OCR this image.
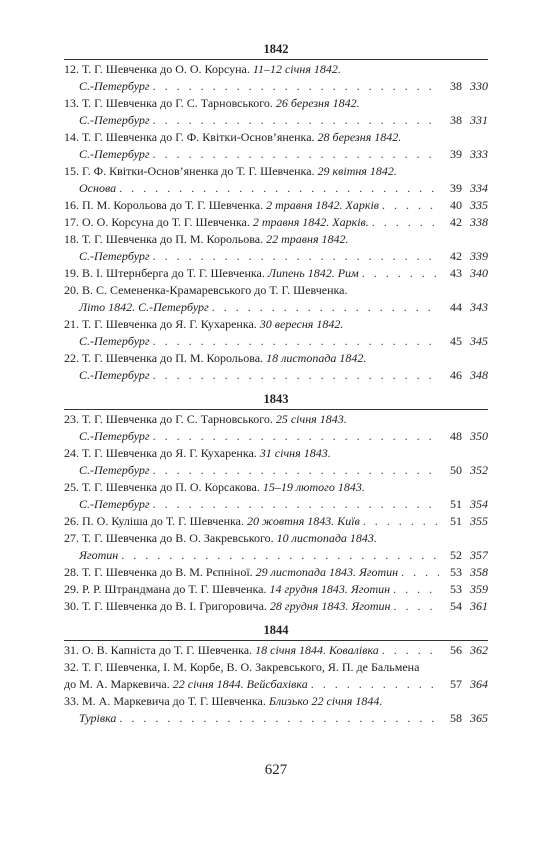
1842
12. Т. Г. Шевченка до О. О. Корсуна. 11–12 січня 1842.
С.-Петербург . . .	38 330
13. Т. Г. Шевченка до Г. С. Тарновського. 26 березня 1842.
С.-Петербург . . .	38 331
14. Т. Г. Шевченка до Г. Ф. Квітки-Основ’яненка. 28 березня 1842.
С.-Петербург . . .	39 333
15. Г. Ф. Квітки-Основ’яненка до Т. Г. Шевченка. 29 квітня 1842.
Основа . . .	39 334
16. П. М. Корольова до Т. Г. Шевченка. 2 травня 1842. Харків . . .	40 335
17. О. О. Корсуна до Т. Г. Шевченка. 2 травня 1842. Харків. . . .	42 338
18. Т. Г. Шевченка до П. М. Корольова. 22 травня 1842.
С.-Петербург . . .	42 339
19. В. І. Штернберга до Т. Г. Шевченка. Липень 1842. Рим . . .	43 340
20. В. С. Семененка-Крамаревського до Т. Г. Шевченка.
Літо 1842. С.-Петербург . . .	44 343
21. Т. Г. Шевченка до Я. Г. Кухаренка. 30 вересня 1842.
С.-Петербург . . .	45 345
22. Т. Г. Шевченка до П. М. Корольова. 18 листопада 1842.
С.-Петербург . . .	46 348
1843
23. Т. Г. Шевченка до Г. С. Тарновського. 25 січня 1843.
С.-Петербург . . .	48 350
24. Т. Г. Шевченка до Я. Г. Кухаренка. 31 січня 1843.
С.-Петербург . . .	50 352
25. Т. Г. Шевченка до П. О. Корсакова. 15–19 лютого 1843.
С.-Петербург . . .	51 354
26. П. О. Куліша до Т. Г. Шевченка. 20 жовтня 1843. Київ . . .	51 355
27. Т. Г. Шевченка до В. О. Закревського. 10 листопада 1843.
Яготин . . .	52 357
28. Т. Г. Шевченка до В. М. Рєпніної. 29 листопада 1843. Яготин . . .	53 358
29. Р. Р. Штрандмана до Т. Г. Шевченка. 14 грудня 1843. Яготин . . .	53 359
30. Т. Г. Шевченка до В. І. Григоровича. 28 грудня 1843. Яготин . . .	54 361
1844
31. О. В. Капніста до Т. Г. Шевченка. 18 січня 1844. Ковалівка . . .	56 362
32. Т. Г. Шевченка, І. М. Корбе, В. О. Закревського, Я. П. де Бальмена
до М. А. Маркевича. 22 січня 1844. Вейсбахівка . . .	57 364
33. М. А. Маркевича до Т. Г. Шевченка. Близько 22 січня 1844.
Турівка . . .	58 365
627
